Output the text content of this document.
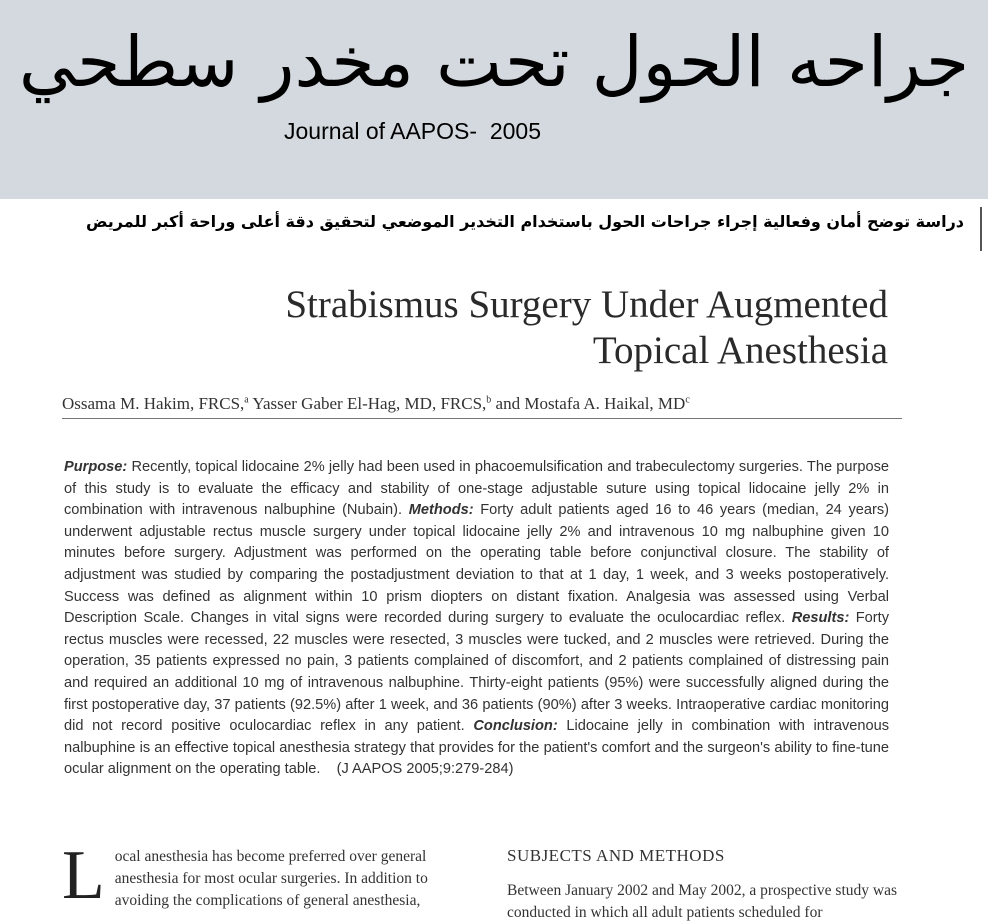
جراحه الحول تحت مخدر سطحي
Journal of AAPOS-  2005
دراسة توضح أمان وفعالية إجراء جراحات الحول باستخدام التخدير الموضعي لتحقيق دقة أعلى وراحة أكبر للمريض
Strabismus Surgery Under Augmented
Topical Anesthesia
Ossama M. Hakim, FRCS,$^a$ Yasser Gaber El-Hag, MD, FRCS,$^b$ and Mostafa A. Haikal, $MD^c$
Purpose: Recently, topical lidocaine 2% jelly had been used in phacoemulsification and trabeculectomy surgeries. The purpose of this study is to evaluate the efficacy and stability of one-stage adjustable suture using topical lidocaine jelly 2% in combination with intravenous nalbuphine (Nubain). Methods: Forty adult patients aged 16 to 46 years (median, 24 years) underwent adjustable rectus muscle surgery under topical lidocaine jelly 2% and intravenous 10 mg nalbuphine given 10 minutes before surgery. Adjustment was performed on the operating table before conjunctival closure. The stability of adjustment was studied by comparing the postadjustment deviation to that at 1 day, 1 week, and 3 weeks postoperatively. Success was defined as alignment within 10 prism diopters on distant fixation. Analgesia was assessed using Verbal Description Scale. Changes in vital signs were recorded during surgery to evaluate the oculocardiac reflex. Results: Forty rectus muscles were recessed, 22 muscles were resected, 3 muscles were tucked, and 2 muscles were retrieved. During the operation, 35 patients expressed no pain, 3 patients complained of discomfort, and 2 patients complained of distressing pain and required an additional 10 mg of intravenous nalbuphine. Thirty-eight patients (95%) were successfully aligned during the first postoperative day, 37 patients (92.5%) after 1 week, and 36 patients (90%) after 3 weeks. Intraoperative cardiac monitoring did not record positive oculocardiac reflex in any patient. Conclusion: Lidocaine jelly in combination with intravenous nalbuphine is an effective topical anesthesia strategy that provides for the patient's comfort and the surgeon's ability to fine-tune ocular alignment on the operating table.    (J AAPOS 2005;9:279-284)
Local anesthesia has become preferred over general anesthesia for most ocular surgeries. In addition to avoiding the complications of general anesthesia,
SUBJECTS AND METHODS

Between January 2002 and May 2002, a prospective study was conducted in which all adult patients scheduled for
